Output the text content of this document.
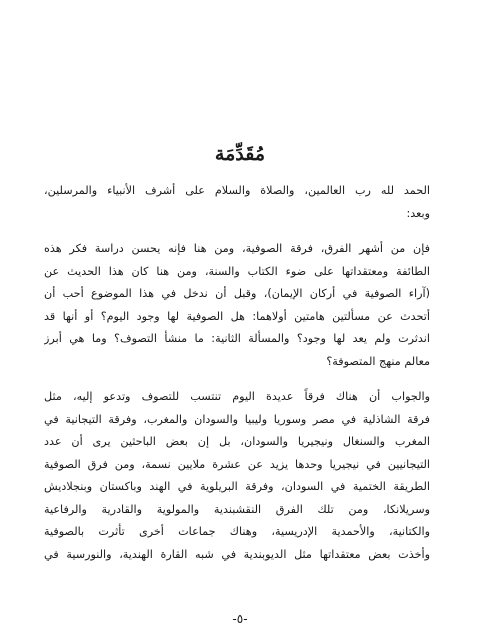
مُقَدِّمَة
الحمد لله رب العالمين، والصلاة والسلام على أشرف الأنبياء والمرسلين،
وبعد:
فإن من أشهر الفرق، فرقة الصوفية، ومن هنا فإنه يحسن دراسة فكر هذه
الطائفة ومعتقداتها على ضوء الكتاب والسنة، ومن هنا كان هذا الحديث عن
(آراء الصوفية في أركان الإيمان)، وقبل أن ندخل في هذا الموضوع أحب أن
أتحدث عن مسألتين هامتين أولاهما: هل الصوفية لها وجود اليوم؟ أو أنها قد
اندثرت ولم يعد لها وجود؟ والمسألة الثانية: ما منشأ التصوف؟ وما هي أبرز
معالم منهج المتصوفة؟
والجواب أن هناك فرقاً عديدة اليوم تنتسب للتصوف وتدعو إليه، مثل
فرقة الشاذلية في مصر وسوريا وليبيا والسودان والمغرب، وفرقة التيجانية في
المغرب والسنغال ونيجيريا والسودان، بل إن بعض الباحثين يرى أن عدد
التيجانيين في نيجيريا وحدها يزيد عن عشرة ملايين نسمة، ومن فرق الصوفية
الطريقة الختمية في السودان، وفرقة البريلوية في الهند وباكستان وبنجلاديش
وسريلانكا، ومن تلك الفرق النقشبندية والمولوية والقادرية والرفاعية
والكتانية، والأحمدية الإدريسية، وهناك جماعات أخرى تأثرت بالصوفية
وأخذت بعض معتقداتها مثل الديوبندية في شبه القارة الهندية، والنورسية في
-٥-
